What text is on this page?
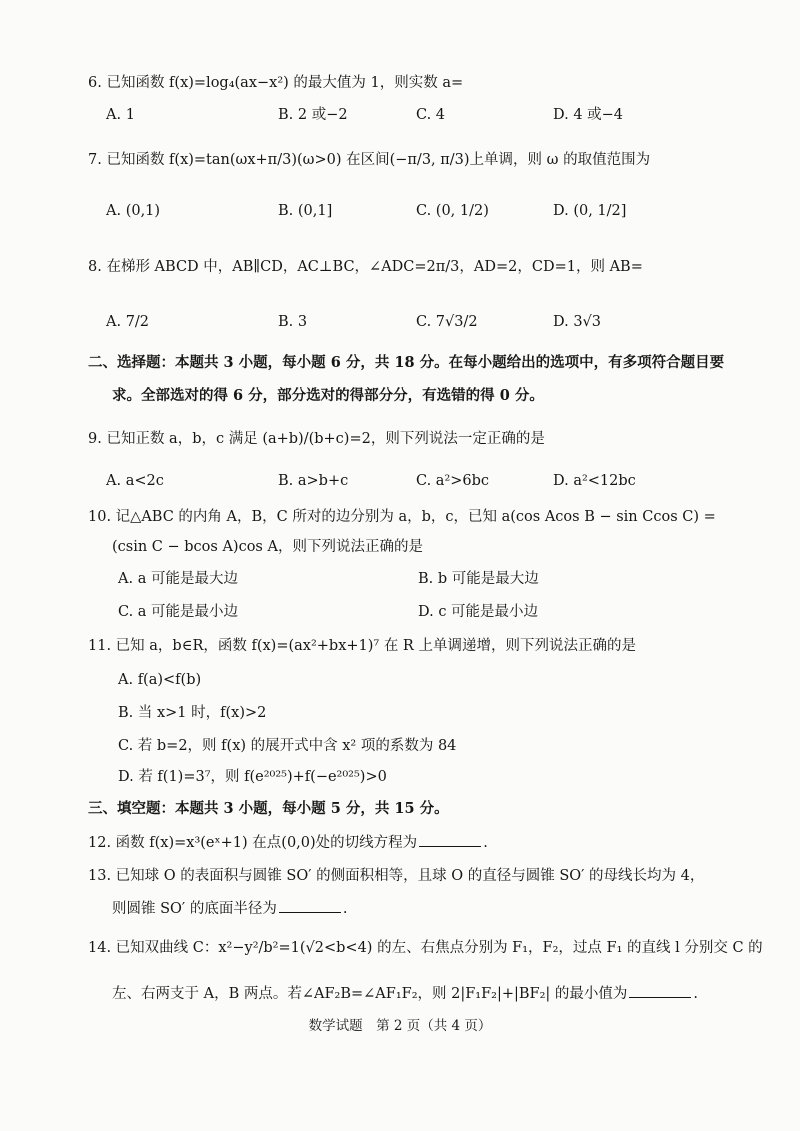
6. 已知函数 f(x)=log₄(ax−x²) 的最大值为 1，则实数 a=
A. 1	B. 2 或−2	C. 4	D. 4 或−4
7. 已知函数 f(x)=tan(ωx+π/3)(ω>0) 在区间(−π/3, π/3)上单调，则 ω 的取值范围为
A. (0,1)	B. (0,1]	C. (0, 1/2)	D. (0, 1/2]
8. 在梯形 ABCD 中，AB∥CD，AC⊥BC，∠ADC=2π/3，AD=2，CD=1，则 AB=
A. 7/2	B. 3	C. 7√3/2	D. 3√3
二、选择题：本题共 3 小题，每小题 6 分，共 18 分。在每小题给出的选项中，有多项符合题目要
求。全部选对的得 6 分，部分选对的得部分分，有选错的得 0 分。
9. 已知正数 a，b，c 满足 (a+b)/(b+c)=2，则下列说法一定正确的是
A. a<2c	B. a>b+c	C. a²>6bc	D. a²<12bc
10. 记△ABC 的内角 A，B，C 所对的边分别为 a，b，c，已知 a(cos Acos B − sin Ccos C) =
(csin C − bcos A)cos A，则下列说法正确的是
A. a 可能是最大边	B. b 可能是最大边
C. a 可能是最小边	D. c 可能是最小边
11. 已知 a，b∈R，函数 f(x)=(ax²+bx+1)⁷ 在 R 上单调递增，则下列说法正确的是
A. f(a)<f(b)
B. 当 x>1 时，f(x)>2
C. 若 b=2，则 f(x) 的展开式中含 x² 项的系数为 84
D. 若 f(1)=3⁷，则 f(e²⁰²⁵)+f(−e²⁰²⁵)>0
三、填空题：本题共 3 小题，每小题 5 分，共 15 分。
12. 函数 f(x)=x³(eˣ+1) 在点(0,0)处的切线方程为	.
13. 已知球 O 的表面积与圆锥 SO′ 的侧面积相等，且球 O 的直径与圆锥 SO′ 的母线长均为 4，
则圆锥 SO′ 的底面半径为	.
14. 已知双曲线 C：x²−y²/b²=1(√2<b<4) 的左、右焦点分别为 F₁，F₂，过点 F₁ 的直线 l 分别交 C 的
左、右两支于 A，B 两点。若∠AF₂B=∠AF₁F₂，则 2|F₁F₂|+|BF₂| 的最小值为	.
数学试题　第 2 页（共 4 页）
